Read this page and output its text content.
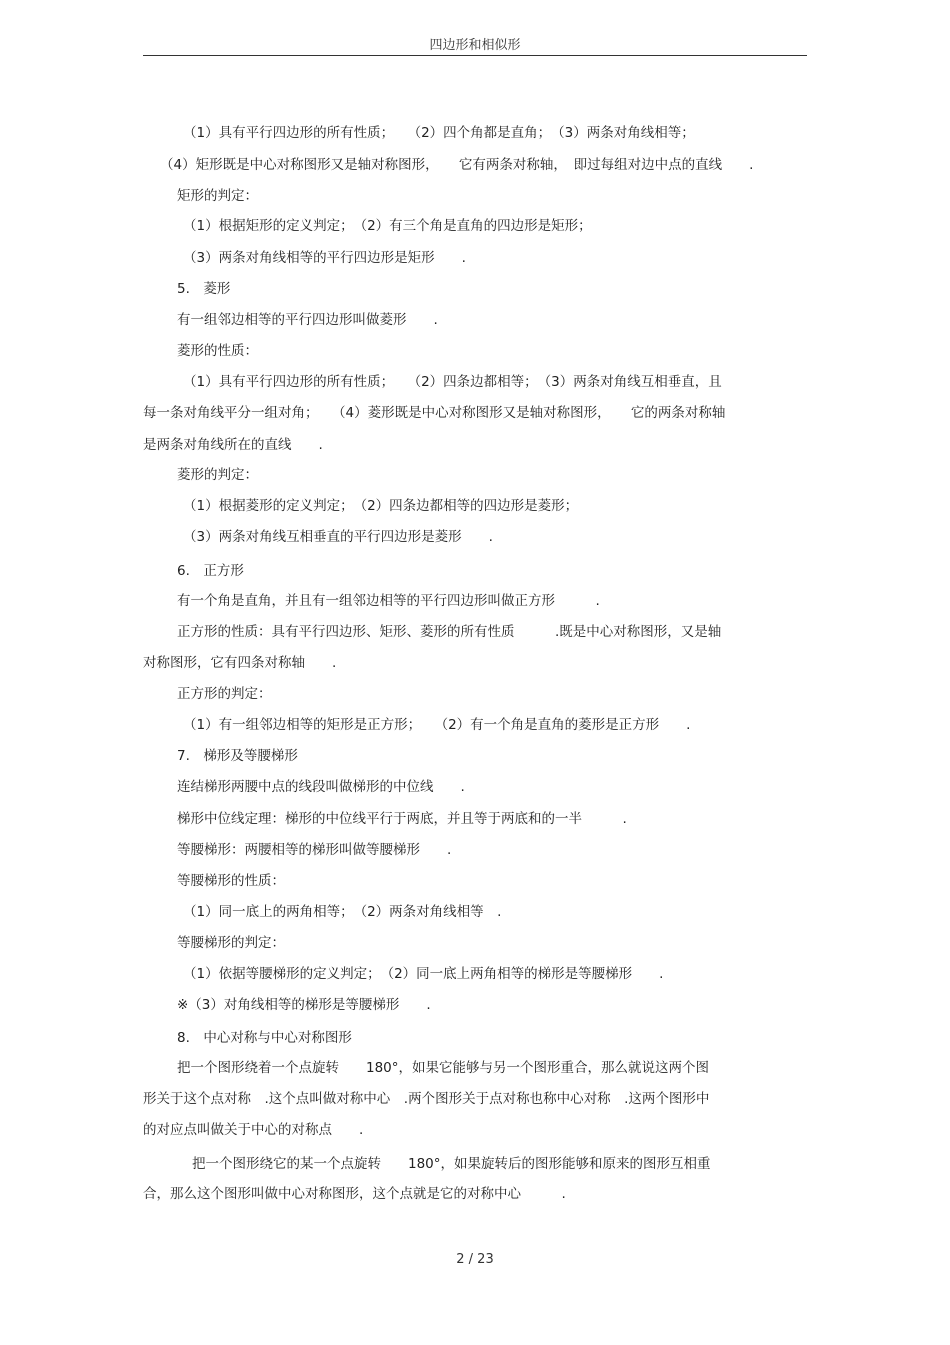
四边形和相似形
（1）具有平行四边形的所有性质；　　（2）四个角都是直角；　（3）两条对角线相等；
（4）矩形既是中心对称图形又是轴对称图形，　　它有两条对称轴，　即过每组对边中点的直线　　.
矩形的判定：
（1）根据矩形的定义判定；　（2）有三个角是直角的四边形是矩形；
（3）两条对角线相等的平行四边形是矩形　　.
5.　菱形
有一组邻边相等的平行四边形叫做菱形　　.
菱形的性质：
（1）具有平行四边形的所有性质；　　（2）四条边都相等；　（3）两条对角线互相垂直，且
每一条对角线平分一组对角；　　（4）菱形既是中心对称图形又是轴对称图形，　　它的两条对称轴
是两条对角线所在的直线　　.
菱形的判定：
（1）根据菱形的定义判定；　（2）四条边都相等的四边形是菱形；
（3）两条对角线互相垂直的平行四边形是菱形　　.
6.　正方形
有一个角是直角，并且有一组邻边相等的平行四边形叫做正方形　　　.
正方形的性质：具有平行四边形、矩形、菱形的所有性质　　　.既是中心对称图形，又是轴
对称图形，它有四条对称轴　　.
正方形的判定：
（1）有一组邻边相等的矩形是正方形；　　（2）有一个角是直角的菱形是正方形　　.
7.　梯形及等腰梯形
连结梯形两腰中点的线段叫做梯形的中位线　　.
梯形中位线定理：梯形的中位线平行于两底，并且等于两底和的一半　　　.
等腰梯形：两腰相等的梯形叫做等腰梯形　　.
等腰梯形的性质：
（1）同一底上的两角相等；　（2）两条对角线相等　.
等腰梯形的判定：
（1）依据等腰梯形的定义判定；　（2）同一底上两角相等的梯形是等腰梯形　　.
※（3）对角线相等的梯形是等腰梯形　　.
8.　中心对称与中心对称图形
把一个图形绕着一个点旋转　　180°，如果它能够与另一个图形重合，那么就说这两个图
形关于这个点对称　.这个点叫做对称中心　.两个图形关于点对称也称中心对称　.这两个图形中
的对应点叫做关于中心的对称点　　.
把一个图形绕它的某一个点旋转　　180°，如果旋转后的图形能够和原来的图形互相重
合，那么这个图形叫做中心对称图形，这个点就是它的对称中心　　　.
2 / 23
